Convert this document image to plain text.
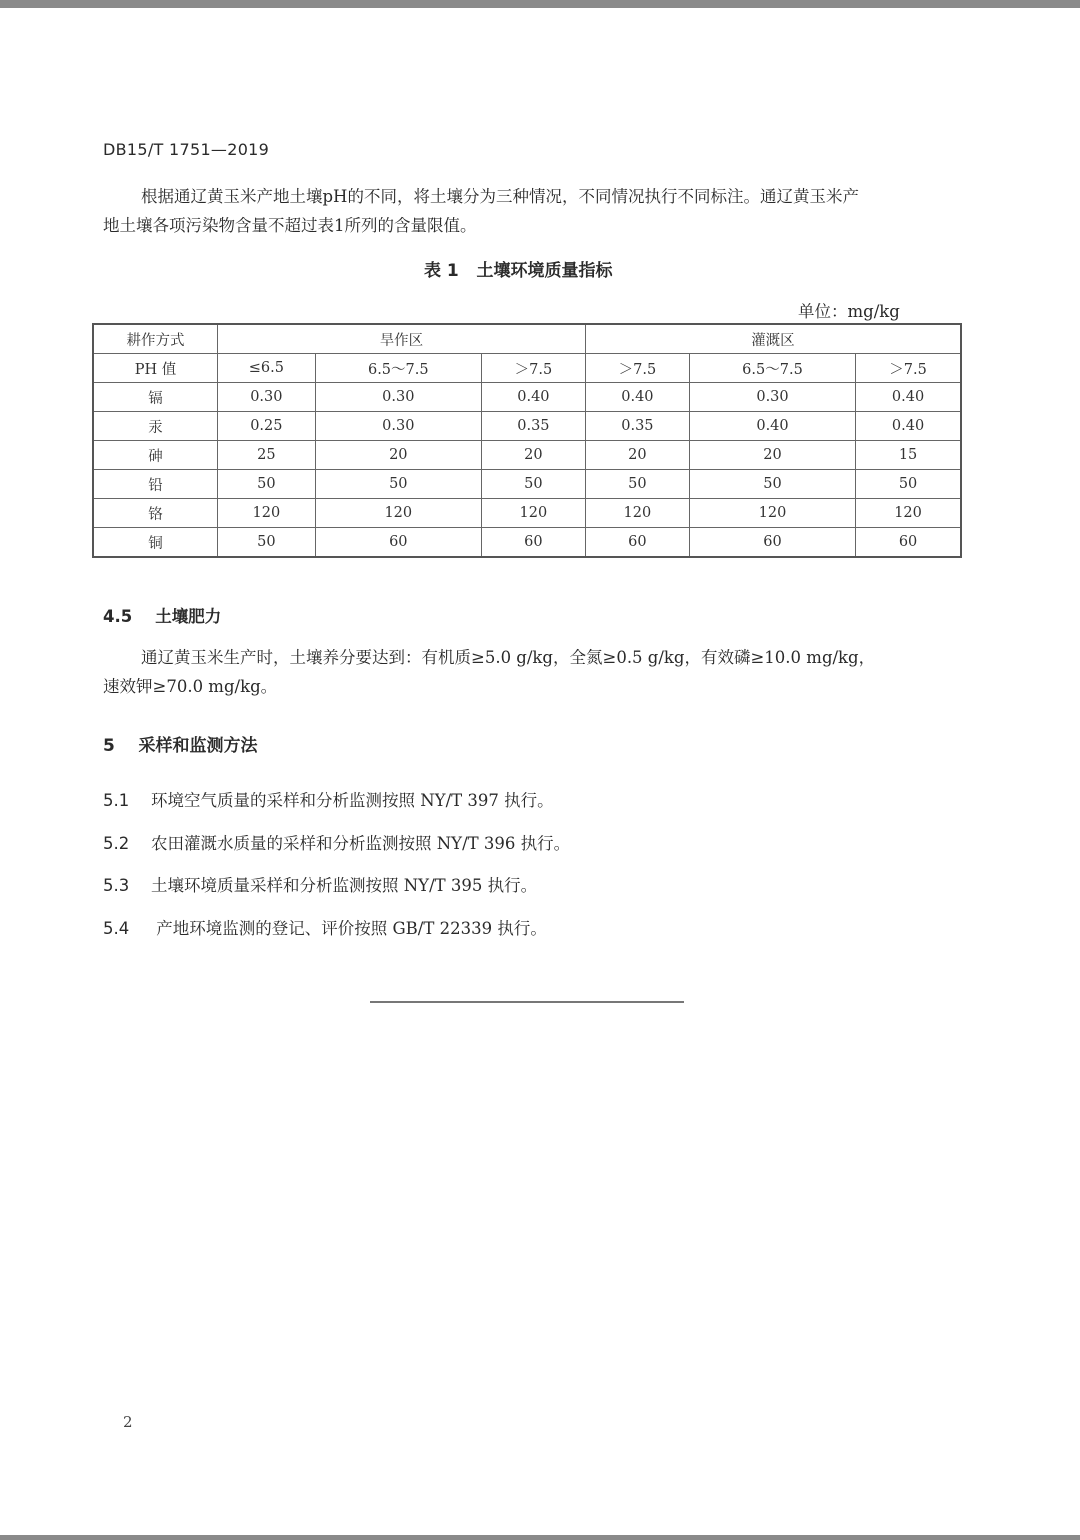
DB15/T 1751—2019
根据通辽黄玉米产地土壤pH的不同，将土壤分为三种情况，不同情况执行不同标注。通辽黄玉米产
地土壤各项污染物含量不超过表1所列的含量限值。
表 1   土壤环境质量指标
单位：mg/kg
耕作方式	旱作区			灌溉区		
PH 值	≤6.5	6.5～7.5	＞7.5	＞7.5	6.5～7.5	＞7.5
镉	0.30	0.30	0.40	0.40	0.30	0.40
汞	0.25	0.30	0.35	0.35	0.40	0.40
砷	25	20	20	20	20	15
铅	50	50	50	50	50	50
铬	120	120	120	120	120	120
铜	50	60	60	60	60	60
4.5 土壤肥力
通辽黄玉米生产时，土壤养分要达到：有机质≥5.0 g/kg，全氮≥0.5 g/kg，有效磷≥10.0 mg/kg，
速效钾≥70.0 mg/kg。
5 采样和监测方法
5.1 环境空气质量的采样和分析监测按照 NY/T 397 执行。
5.2 农田灌溉水质量的采样和分析监测按照 NY/T 396 执行。
5.3 土壤环境质量采样和分析监测按照 NY/T 395 执行。
5.4 产地环境监测的登记、评价按照 GB/T 22339 执行。
2
